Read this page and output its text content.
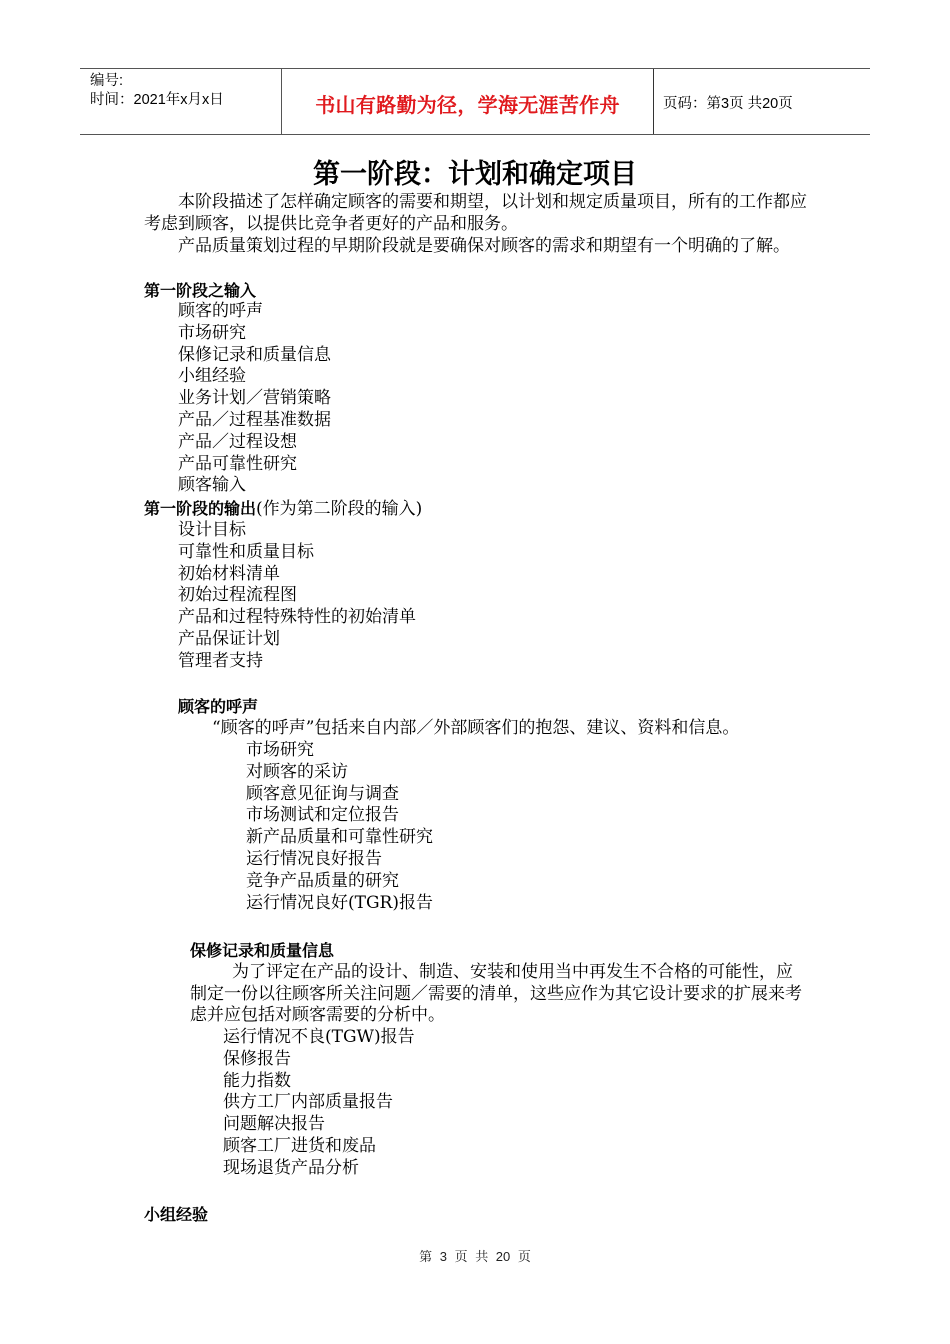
编号:
时间：2021年x月x日	书山有路勤为径，学海无涯苦作舟	页码：第3页 共20页
第一阶段：计划和确定项目
本阶段描述了怎样确定顾客的需要和期望，以计划和规定质量项目，所有的工作都应考虑到顾客，以提供比竞争者更好的产品和服务。
产品质量策划过程的早期阶段就是要确保对顾客的需求和期望有一个明确的了解。
第一阶段之输入
顾客的呼声
市场研究
保修记录和质量信息
小组经验
业务计划／营销策略
产品／过程基准数据
产品／过程设想
产品可靠性研究
顾客输入
第一阶段的输出(作为第二阶段的输入)
设计目标
可靠性和质量目标
初始材料清单
初始过程流程图
产品和过程特殊特性的初始清单
产品保证计划
管理者支持
顾客的呼声
“顾客的呼声”包括来自内部／外部顾客们的抱怨、建议、资料和信息。
市场研究
对顾客的采访
顾客意见征询与调查
市场测试和定位报告
新产品质量和可靠性研究
运行情况良好报告
竞争产品质量的研究
运行情况良好(TGR)报告
保修记录和质量信息
为了评定在产品的设计、制造、安装和使用当中再发生不合格的可能性，应制定一份以往顾客所关注问题／需要的清单，这些应作为其它设计要求的扩展来考虑并应包括对顾客需要的分析中。
运行情况不良(TGW)报告
保修报告
能力指数
供方工厂内部质量报告
问题解决报告
顾客工厂进货和废品
现场退货产品分析
小组经验
第 3 页 共 20 页
